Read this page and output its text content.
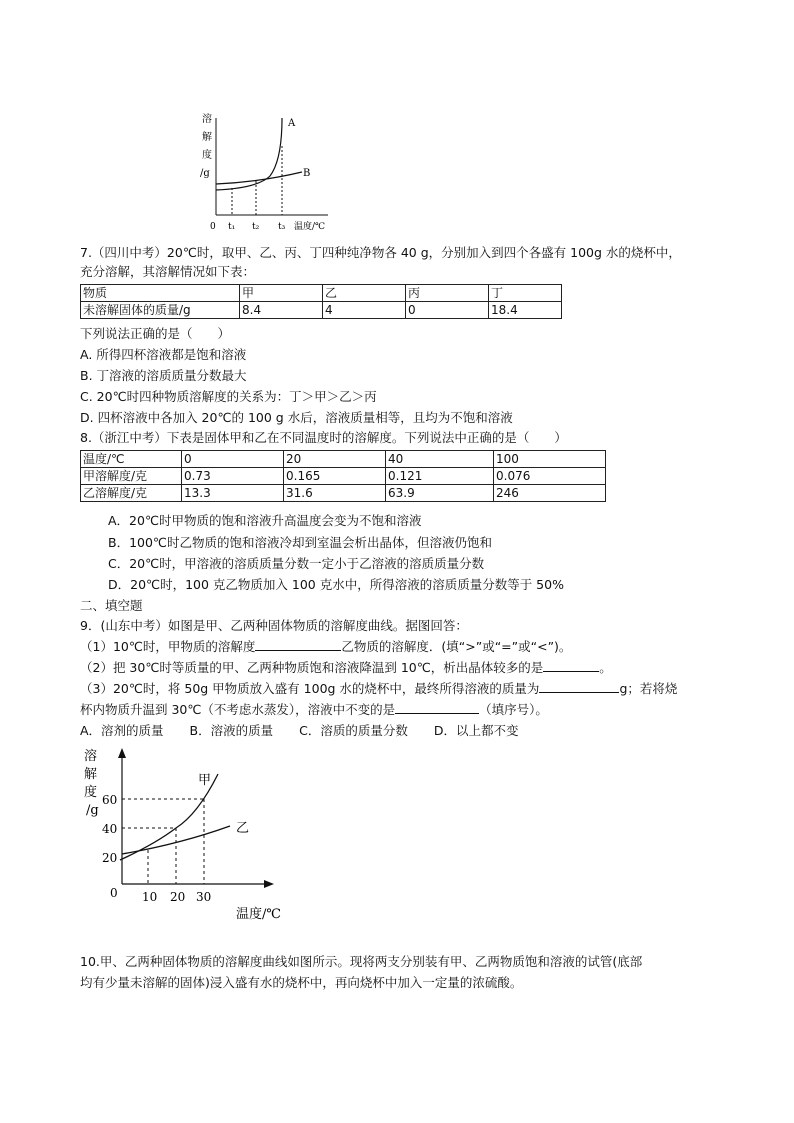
溶
解
度
/g
A
B
0 t₁ t₂ t₃ 温度/℃
7.（四川中考）20℃时，取甲、乙、丙、丁四种纯净物各 40 g，分别加入到四个各盛有 100g 水的烧杯中，
充分溶解，其溶解情况如下表：
物质	甲	乙	丙	丁
未溶解固体的质量/g	8.4	4	0	18.4
下列说法正确的是（　　）
A. 所得四杯溶液都是饱和溶液
B. 丁溶液的溶质质量分数最大
C. 20℃时四种物质溶解度的关系为：丁＞甲＞乙＞丙
D. 四杯溶液中各加入 20℃的 100 g 水后，溶液质量相等，且均为不饱和溶液
8.（浙江中考）下表是固体甲和乙在不同温度时的溶解度。下列说法中正确的是（　　）
温度/℃	0	20	40	100
甲溶解度/克	0.73	0.165	0.121	0.076
乙溶解度/克	13.3	31.6	63.9	246
A．20℃时甲物质的饱和溶液升高温度会变为不饱和溶液
B．100℃时乙物质的饱和溶液冷却到室温会析出晶体，但溶液仍饱和
C．20℃时，甲溶液的溶质质量分数一定小于乙溶液的溶质质量分数
D．20℃时，100 克乙物质加入 100 克水中，所得溶液的溶质质量分数等于 50%
二、填空题
9．(山东中考）如图是甲、乙两种固体物质的溶解度曲线。据图回答：
（1）10℃时，甲物质的溶解度	乙物质的溶解度．(填“>”或“=”或“<”)。
（2）把 30℃时等质量的甲、乙两种物质饱和溶液降温到 10℃，析出晶体较多的是	。
（3）20℃时，将 50g 甲物质放入盛有 100g 水的烧杯中，最终所得溶液的质量为	g；若将烧
杯内物质升温到 30℃（不考虑水蒸发），溶液中不变的是	（填序号）。
A．溶剂的质量 B．溶液的质量 C．溶质的质量分数 D．以上都不变
溶
解
度
/g
60
40
20
0 10 20 30
温度/℃
甲
乙
10.甲、乙两种固体物质的溶解度曲线如图所示。现将两支分别装有甲、乙两物质饱和溶液的试管(底部
均有少量未溶解的固体)浸入盛有水的烧杯中，再向烧杯中加入一定量的浓硫酸。
